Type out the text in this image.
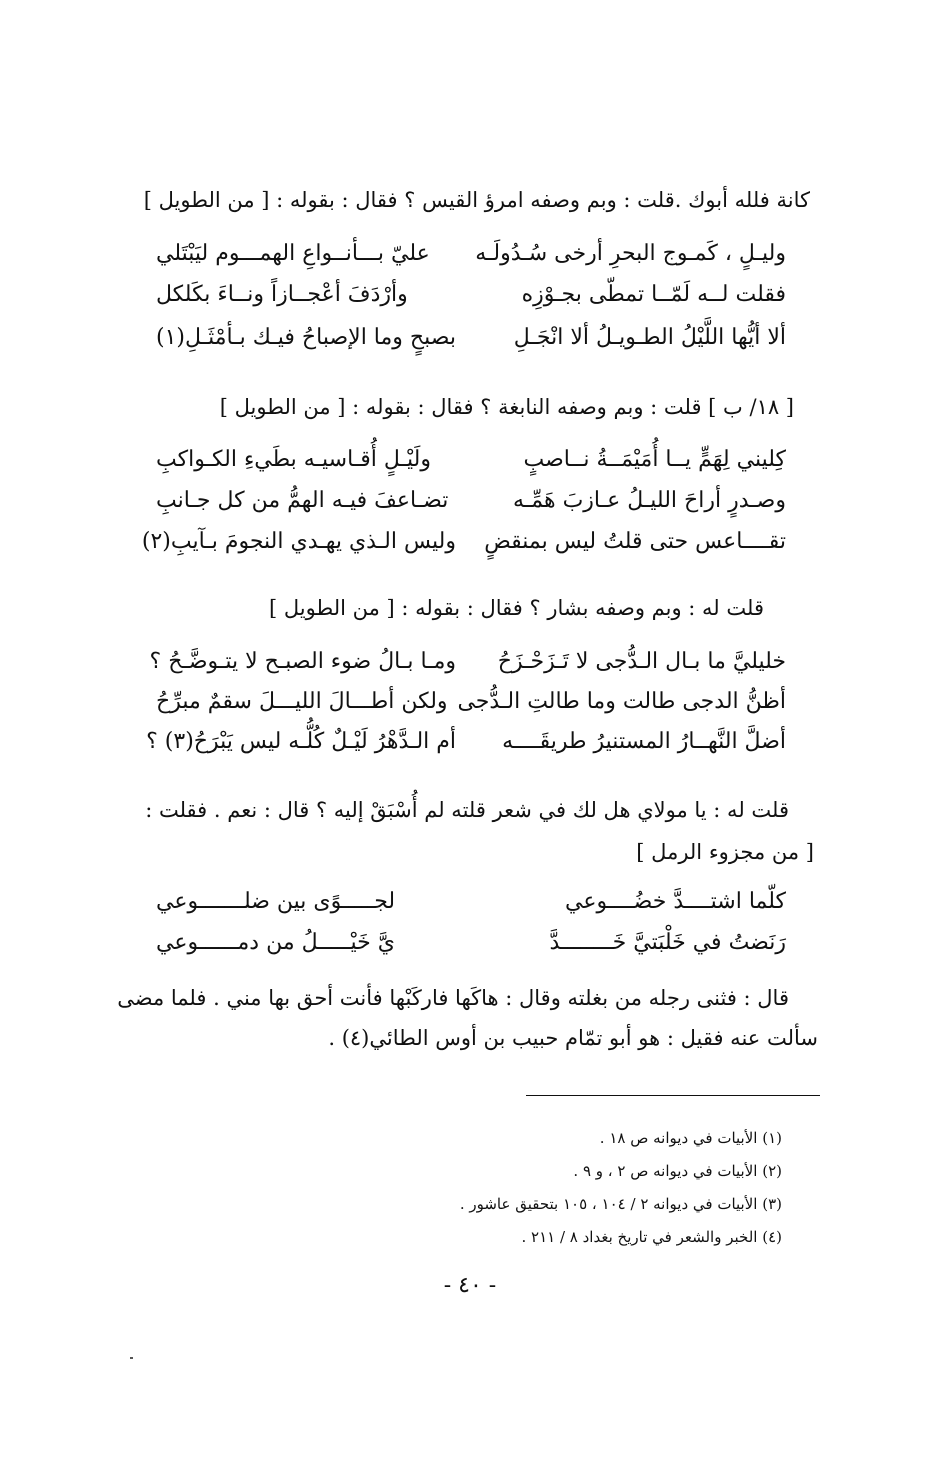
كانة فلله أبوك .قلت : وبم وصفه امرؤ القيس ؟ فقال : بقوله : [ من الطويل ]
وليـلٍ ، كَمـوج البحرِ أرخى سُـدُولَـه
عليّ بـــأنــواعِ الهمـــوم ليَبْتَلي
فقلت لــه لَمّــا تمطّى بجـوْزِه
وأرْدَفَ أعْجــازاً ونــاءَ بكَلكل
ألا أيُّها اللَّيْلُ الطـويـلُ ألا انْجَـلِ
بصبحٍ وما الإصباحُ فيـك بـأمْثَـلِ(١)
[ ١٨/ ب ] قلت : وبم وصفه النابغة ؟ فقال : بقوله : [ من الطويل ]
كِليني لِهَمٍّ يــا أُمَيْمَــةُ نــاصبٍ
ولَيْـلٍ أُقـاسيـه بطَيءِ الكـواكبِ
وصـدرٍ أراحَ الليـلُ عـازبَ هَمِّـه
تضـاعفَ فيـه الهمُّ من كل جـانبِ
تقــــاعس حتى قلتُ ليس بمنقضٍ
وليس الـذي يهـدي النجومَ بـآيبِ(٢)
قلت له : وبم وصفه بشار ؟ فقال : بقوله : [ من الطويل ]
خليليَّ ما بـال الـدُّجى لا تَـزَحْـزَحُ
ومـا بـالُ ضوء الصبـح لا يتـوضَّـحُ ؟
أظنُّ الدجى طالت وما طالتِ الـدُّجى
ولكن أطـــالَ الليـــلَ سقمٌ مبرِّحُ
أضلَّ النَّهــارُ المستنيرُ طريقَــــه
أم الـدَّهْرُ لَيْـلٌ كُلُّـه ليس يَبْرَحُ(٣) ؟
قلت له : يا مولاي هل لك في شعر قلته لم أُسْبَقْ إليه ؟ قال : نعم . فقلت :
[ من مجزوء الرمل ]
كلّما اشتــــدَّ خضُــــوعي
لجـــــوًى بين ضلـــــــوعي
رَنَضتُ في خَلْبَتيَّ خَــــــــدَّ
يَّ خَيْـــــلُ من دمــــــوعي
قال : فثنى رجله من بغلته وقال : هاكَها فاركَبْها فأنت أحق بها مني . فلما مضى
سألت عنه فقيل : هو أبو تمّام حبيب بن أوس الطائي(٤) .
(١) الأبيات في ديوانه ص ١٨ .
(٢) الأبيات في ديوانه ص ٢ ، و ٩ .
(٣) الأبيات في ديوانه ٢ / ١٠٤ ، ١٠٥ بتحقيق عاشور .
(٤) الخبر والشعر في تاريخ بغداد ٨ / ٢١١ .
- ٤٠ -
